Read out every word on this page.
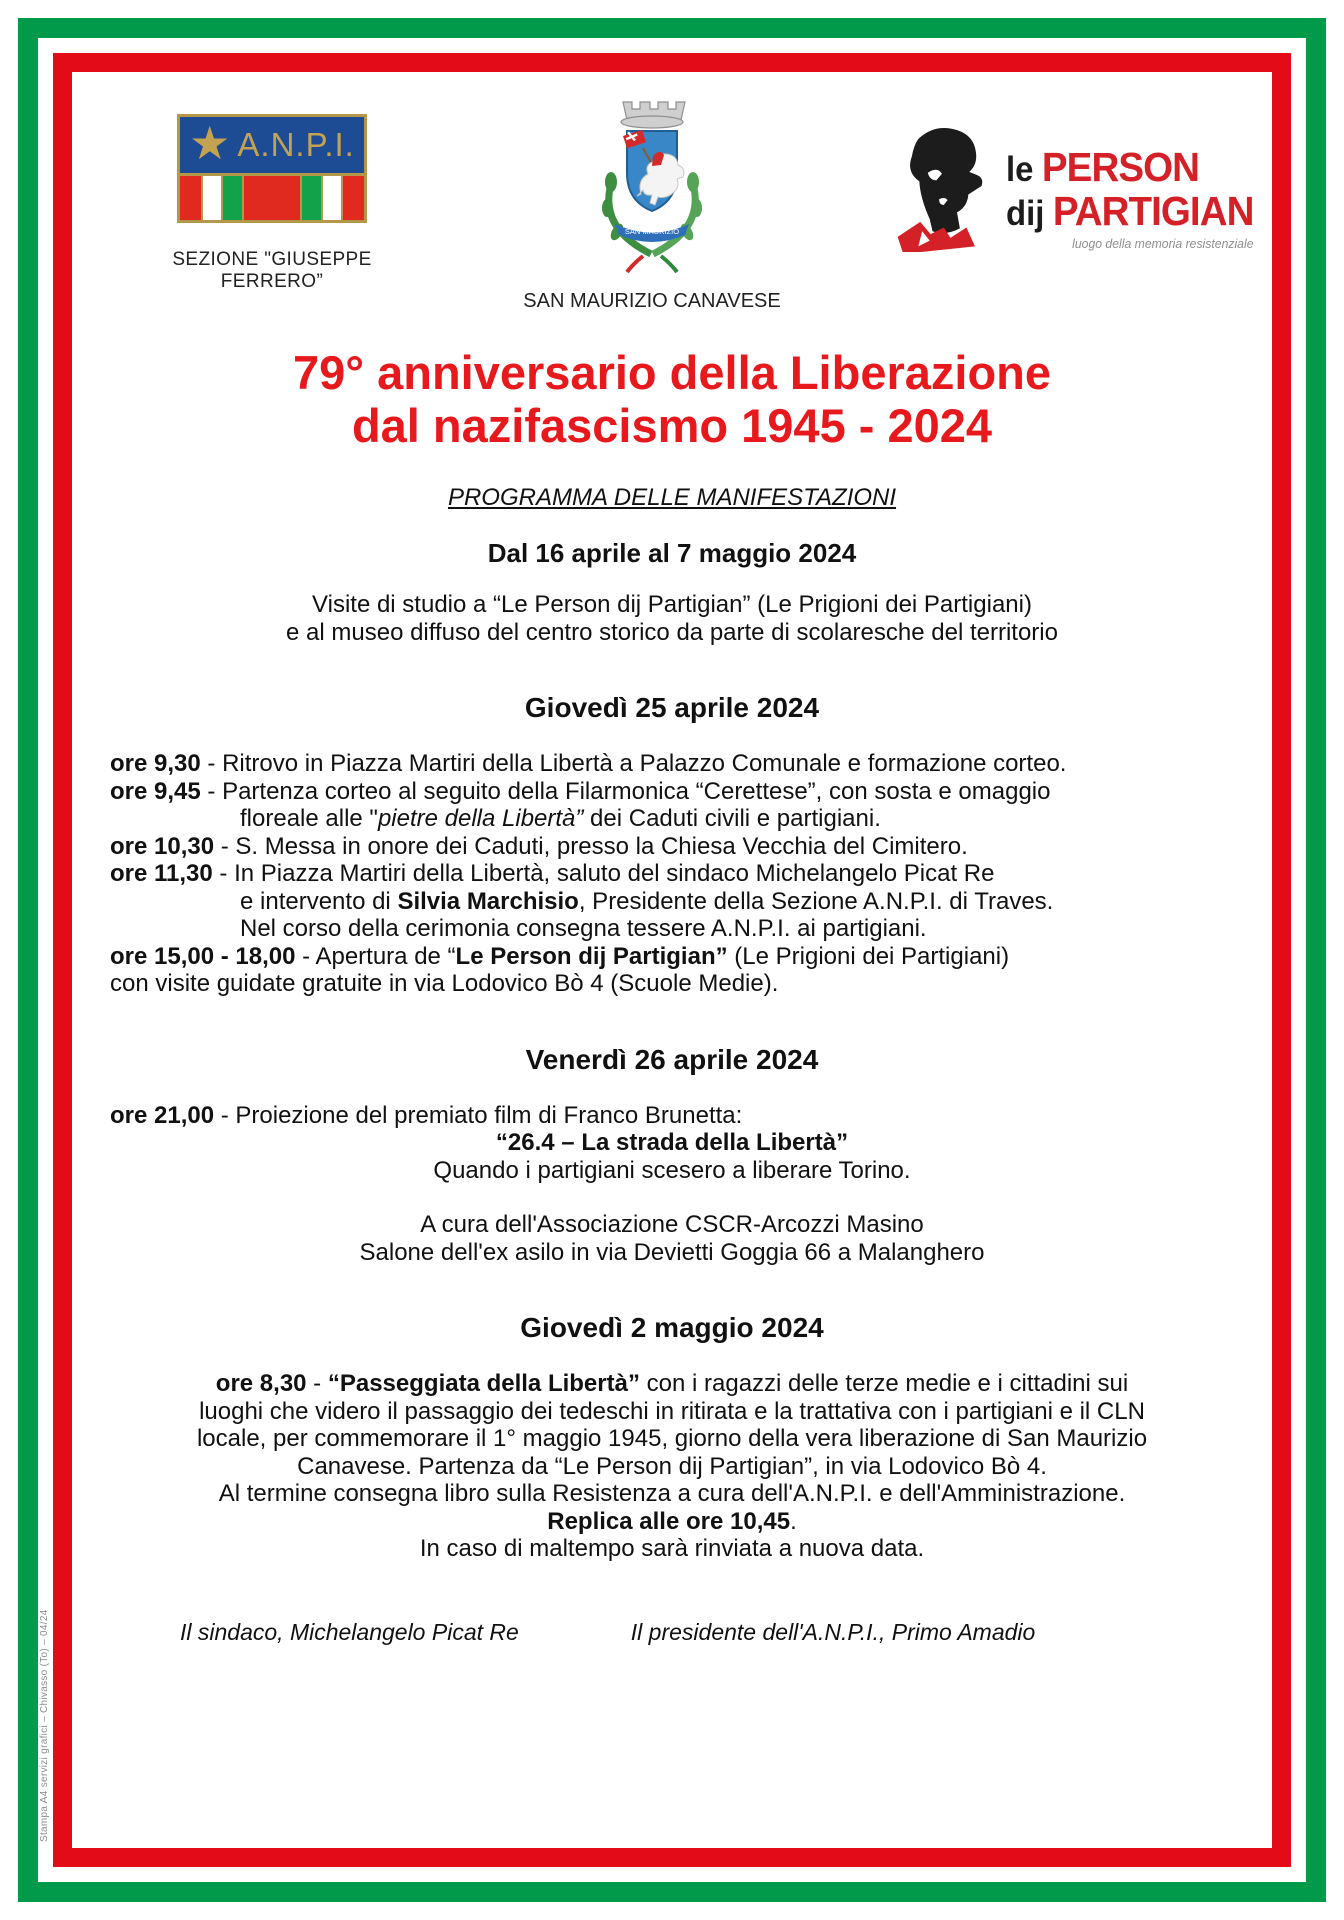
★ A.N.P.I.
SEZIONE "GIUSEPPE FERRERO”
SAN MAURIZIO
SAN MAURIZIO CANAVESE
le PERSON
dij PARTIGIAN
luogo della memoria resistenziale
79° anniversario della Liberazione
dal nazifascismo 1945 - 2024
PROGRAMMA DELLE MANIFESTAZIONI
Dal 16 aprile al 7 maggio 2024
Visite di studio a “Le Person dij Partigian” (Le Prigioni dei Partigiani)
e al museo diffuso del centro storico da parte di scolaresche del territorio
Giovedì 25 aprile 2024
ore 9,30 - Ritrovo in Piazza Martiri della Libertà a Palazzo Comunale e formazione corteo.
ore 9,45 - Partenza corteo al seguito della Filarmonica “Cerettese”, con sosta e omaggio
floreale alle "pietre della Libertà” dei Caduti civili e partigiani.
ore 10,30 - S. Messa in onore dei Caduti, presso la Chiesa Vecchia del Cimitero.
ore 11,30 - In Piazza Martiri della Libertà, saluto del sindaco Michelangelo Picat Re
e intervento di Silvia Marchisio, Presidente della Sezione A.N.P.I. di Traves.
Nel corso della cerimonia consegna tessere A.N.P.I. ai partigiani.
ore 15,00 - 18,00 - Apertura de “Le Person dij Partigian” (Le Prigioni dei Partigiani)
con visite guidate gratuite in via Lodovico Bò 4 (Scuole Medie).
Venerdì 26 aprile 2024
ore 21,00 - Proiezione del premiato film di Franco Brunetta:
“26.4 – La strada della Libertà”
Quando i partigiani scesero a liberare Torino.
A cura dell'Associazione CSCR-Arcozzi Masino
Salone dell'ex asilo in via Devietti Goggia 66 a Malanghero
Giovedì 2 maggio 2024
ore 8,30 - “Passeggiata della Libertà” con i ragazzi delle terze medie e i cittadini sui
luoghi che videro il passaggio dei tedeschi in ritirata e la trattativa con i partigiani e il CLN
locale, per commemorare il 1° maggio 1945, giorno della vera liberazione di San Maurizio
Canavese. Partenza da “Le Person dij Partigian”, in via Lodovico Bò 4.
Al termine consegna libro sulla Resistenza a cura dell'A.N.P.I. e dell'Amministrazione.
Replica alle ore 10,45.
In caso di maltempo sarà rinviata a nuova data.
Il sindaco, Michelangelo Picat Re	Il presidente dell'A.N.P.I., Primo Amadio
Stampa A4 servizi grafici – Chivasso (To) – 04/24
